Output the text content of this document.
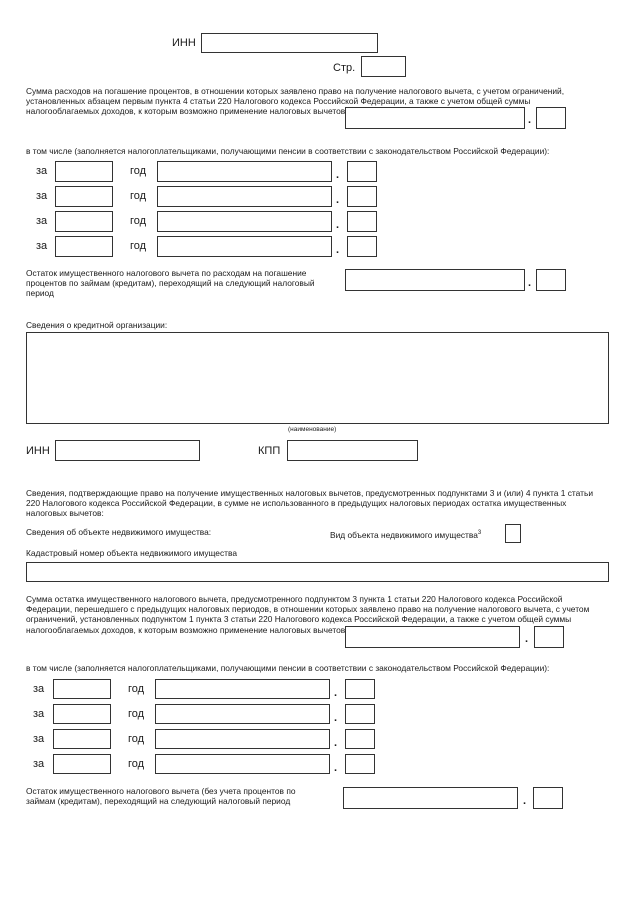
ИНН
Стр.
Сумма расходов на погашение процентов, в отношении которых заявлено право на получение налогового вычета, с учетом ограничений, установленных абзацем первым пункта 4 статьи 220 Налогового кодекса Российской Федерации, а также с учетом общей суммы налогооблагаемых доходов, к которым возможно применение налоговых вычетов
.
в том числе (заполняется налогоплательщиками, получающими пенсии в соответствии с законодательством Российской Федерации):
за	год	.
за	год	.
за	год	.
за	год	.
Остаток имущественного налогового вычета по расходам на погашение процентов по займам (кредитам), переходящий на следующий налоговый период
.
Сведения о кредитной организации:
(наименование)
ИНН	КПП
Сведения, подтверждающие право на получение имущественных налоговых вычетов, предусмотренных подпунктами 3 и (или) 4 пункта 1 статьи 220 Налогового кодекса Российской Федерации, в сумме не использованного в предыдущих налоговых периодах остатка имущественных налоговых вычетов:
Сведения об объекте недвижимого имущества:	Вид объекта недвижимого имущества$^3$
Кадастровый номер объекта недвижимого имущества
Сумма остатка имущественного налогового вычета, предусмотренного подпунктом 3 пункта 1 статьи 220 Налогового кодекса Российской Федерации, перешедшего с предыдущих налоговых периодов, в отношении которых заявлено право на получение налогового вычета, с учетом ограничений, установленных подпунктом 1 пункта 3 статьи 220 Налогового кодекса Российской Федерации, а также с учетом общей суммы налогооблагаемых доходов, к которым возможно применение налоговых вычетов
.
в том числе (заполняется налогоплательщиками, получающими пенсии в соответствии с законодательством Российской Федерации):
за	год	.
за	год	.
за	год	.
за	год	.
Остаток имущественного налогового вычета (без учета процентов по займам (кредитам), переходящий на следующий налоговый период	.
